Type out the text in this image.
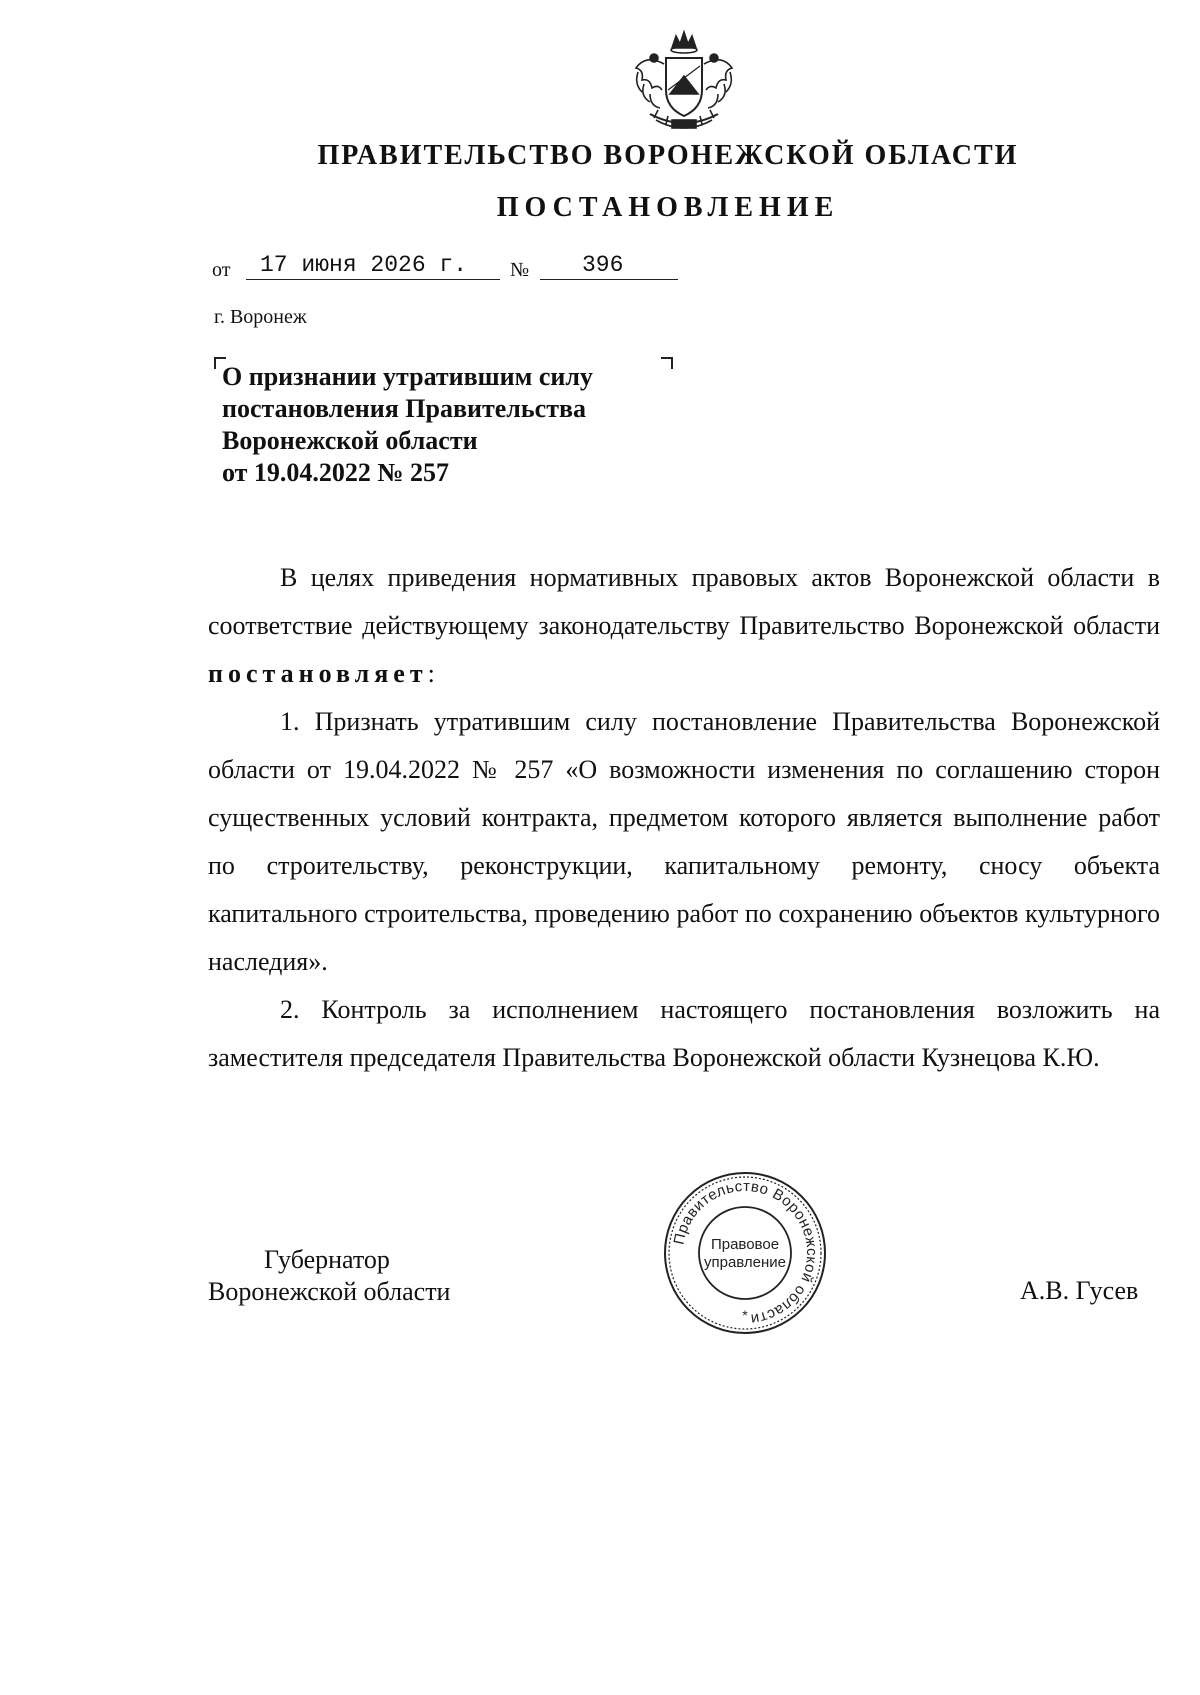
ПРАВИТЕЛЬСТВО ВОРОНЕЖСКОЙ ОБЛАСТИ
ПОСТАНОВЛЕНИЕ
от 17 июня 2026 г. № 396
г. Воронеж
О признании утратившим силу
постановления Правительства
Воронежской области
от 19.04.2022 № 257

В целях приведения нормативных правовых актов Воронежской области в соответствие действующему законодательству Правительство Воронежской области постановляет:

1. Признать утратившим силу постановление Правительства Воронежской области от 19.04.2022 № 257 «О возможности изменения по соглашению сторон существенных условий контракта, предметом которого является выполнение работ по строительству, реконструкции, капитальному ремонту, сносу объекта капитального строительства, проведению работ по сохранению объектов культурного наследия».

2. Контроль за исполнением настоящего постановления возложить на заместителя председателя Правительства Воронежской области Кузнецова К.Ю.

Губернатор
Воронежской области
Правительство Воронежской области
Правовое
управление
*
А.В. Гусев
